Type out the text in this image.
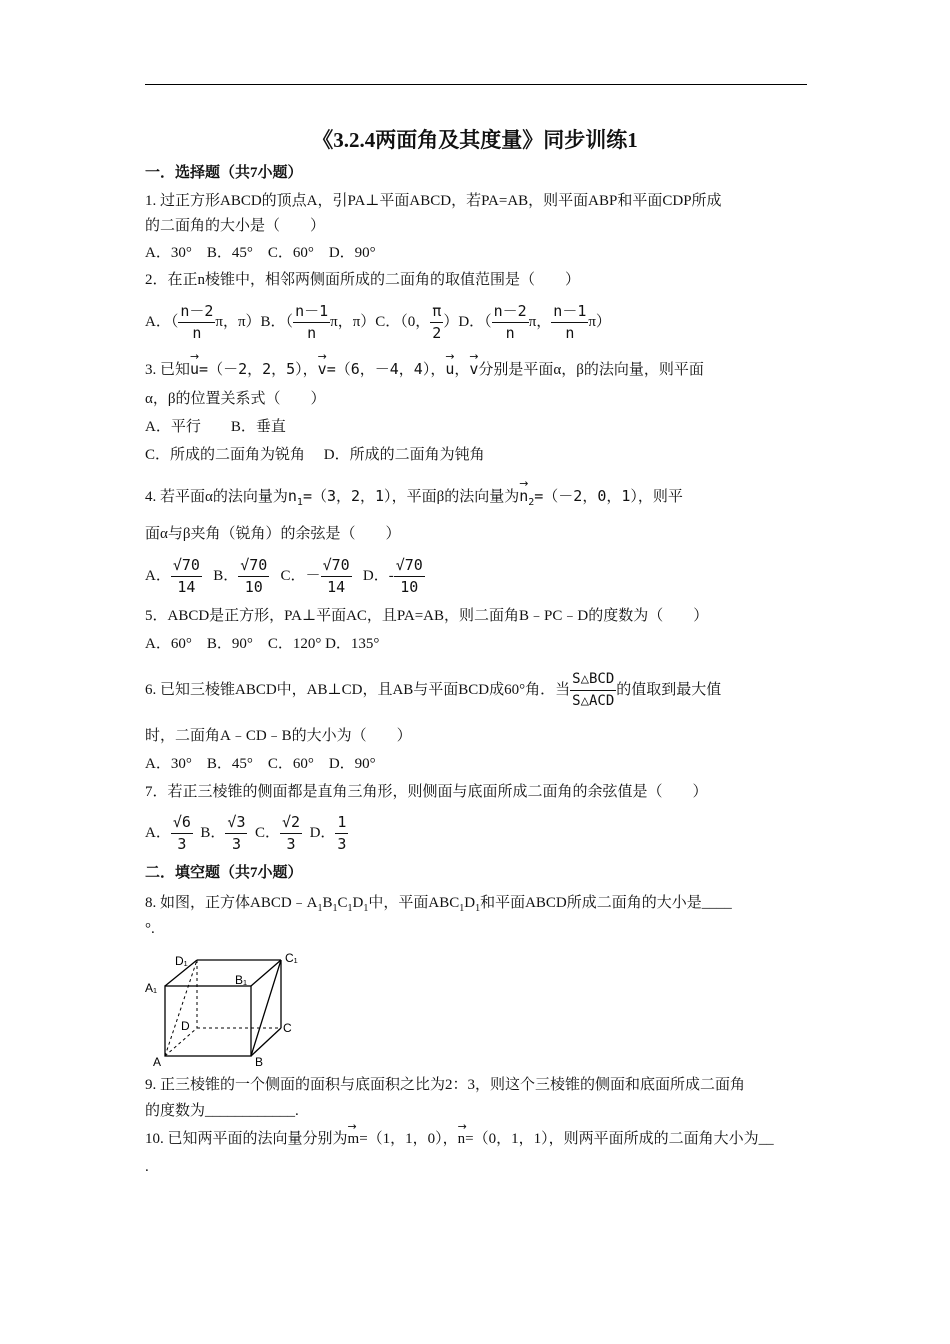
《3.2.4两面角及其度量》同步训练1
一．选择题（共7小题）
1. 过正方形ABCD的顶点A，引PA⊥平面ABCD，若PA=AB，则平面ABP和平面CDP所成
的二面角的大小是（　　）
A．30°　B．45°　C．60°　D．90°
2．在正n棱锥中，相邻两侧面所成的二面角的取值范围是（　　）
A．（ $\frac{n-2}{n}$ π，π）B．（ $\frac{n-1}{n}$ π，π）C．（0， $\frac{\pi}{2} )D$．（ $\frac{n-2}{n}$ π， $\frac{n-1}{n} \pi$）
3. 已知→ u=（－2，2，5），→ v=（6，－4，4），→ u，→ v分别是平面α，β的法向量，则平面
α，β的位置关系式（　　）
A．平行　　B．垂直
C．所成的二面角为锐角　 D．所成的二面角为钝角
4. 若平面α的法向量为$n_1=(3$，2，1），平面β的法向量为→ $n_2=(-2$，0，1），则平
面α与β夹角（锐角）的余弦是（　　）
A． $\frac{√70}{14}$ B． $\frac{√70}{10}$ C．－ $\frac{√70}{14}$ D．- $\frac{√70}{10}$
5．ABCD是正方形，PA⊥平面AC，且PA=AB，则二面角B﹣PC﹣D的度数为（　　）
A．60°　B．90°　C．120° D．135°
6. 已知三棱锥ABCD中，AB⊥CD，且AB与平面BCD成60°角．当 $\frac{\text{S△BCD}}{\text{S△ACD}}$ 的值取到最大值
时，二面角A﹣CD﹣B的大小为（　　）
A．30°　B．45°　C．60°　D．90°
7．若正三棱锥的侧面都是直角三角形，则侧面与底面所成二面角的余弦值是（　　）
A． $\frac{√6}{3}$ B． $\frac{√3}{3}$ C． $\frac{√2}{3}$ D． $\frac{1}{3}$
二．填空题（共7小题）
8. 如图，正方体$ABCD﹣A_1B_1C_1D_1$中，平面$ABC_1D_1$和平面ABCD所成二面角的大小是____
°.
D₁
B₁
C₁
A₁
D	C
A	B
9. 正三棱锥的一个侧面的面积与底面积之比为2：3，则这个三棱锥的侧面和底面所成二面角
的度数为____________.
10. 已知两平面的法向量分别为→ m=（1，1，0），→ n=（0，1，1），则两平面所成的二面角大小为__
.
